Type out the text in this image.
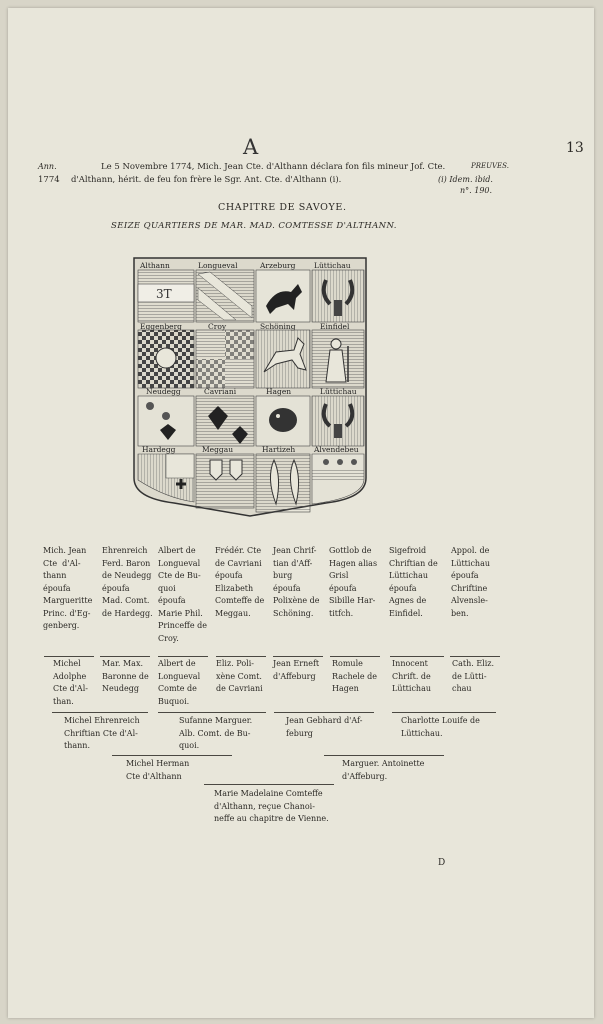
A	13
Ann.
1774
Le 5 Novembre 1774, Mich. Jean Cte. d'Althann déclara fon fils mineur Jof. Cte.
d'Althann, hérit. de feu fon frère le Sgr. Ant. Cte. d'Althann (i).
PREUVES.
(i) Idem. ibid.
n°. 190.
CHAPITRE DE SAVOYE.
SEIZE QUARTIERS DE MAR. MAD. COMTESSE D'ALTHANN.
3T
Althann	Longueval	Arzeburg Lüttichau
Eggenberg	Croy	Schöning	Einfidel
Neudegg	Cavriani	Hagen	Lüttichau
Hardegg	Meggau	Hartizeh	Alvendebeu
Mich. Jean
Cte  d'Al-
thann
époufa
Margueritte
Princ. d'Eg-
genberg.
Ehrenreich
Ferd. Baron
de Neudegg
époufa
Mad. Comt.
de Hardegg.
Albert de
Longueval
Cte de Bu-
quoi
époufa
Marie Phil.
Princeffe de
Croy.
Frédér. Cte
de Cavriani
époufa
Elizabeth
Comteffe de
Meggau.
Jean Chrif-
tian d'Aff-
burg
époufa
Polixène de
Schöning.
Gottlob de
Hagen alias
Grisl
époufa
Sibille Har-
titfch.
Sigefroid
Chriftian de
Lüttichau
époufa
Agnes de
Einfidel.
Appol. de
Lüttichau
époufa
Chriftine
Alvensle-
ben.
Michel
Adolphe
Cte d'Al-
than.
Mar. Max.
Baronne de
Neudegg
Albert de
Longueval
Comte de
Buquoi.
Eliz. Poli-
xène Comt.
de Cavriani
Jean Erneft
d'Affeburg
Romule
Rachele de
Hagen
Innocent
Chrift. de
Lüttichau
Cath. Eliz.
de Lütti-
chau
Michel Ehrenreich
Chriftian Cte d'Al-
thann.
Sufanne Marguer.
Alb. Comt. de Bu-
quoi.
Jean Gebhard d'Af-
feburg
Charlotte Louife de
Lüttichau.
Michel Herman
Cte d'Althann
Marguer. Antoinette
d'Affeburg.
Marie Madelaine Comteffe
d'Althann, reçue Chanoi-
neffe au chapitre de Vienne.
D
